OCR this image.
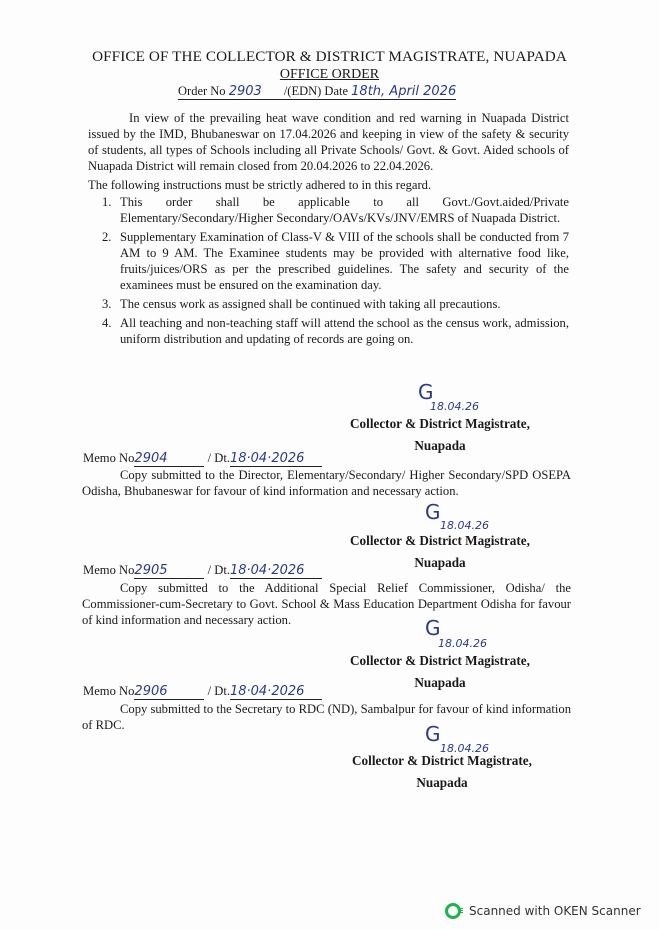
OFFICE OF THE COLLECTOR & DISTRICT MAGISTRATE, NUAPADA
OFFICE ORDER
Order No 2903 /(EDN) Date 18th, April 2026
In view of the prevailing heat wave condition and red warning in Nuapada District issued by the IMD, Bhubaneswar on 17.04.2026 and keeping in view of the safety & security of students, all types of Schools including all Private Schools/ Govt. & Govt. Aided schools of Nuapada District will remain closed from 20.04.2026 to 22.04.2026.
The following instructions must be strictly adhered to in this regard.
1. This order shall be applicable to all Govt./Govt.aided/Private Elementary/Secondary/Higher Secondary/OAVs/KVs/JNV/EMRS of Nuapada District.
2. Supplementary Examination of Class-V & VIII of the schools shall be conducted from 7 AM to 9 AM. The Examinee students may be provided with alternative food like, fruits/juices/ORS as per the prescribed guidelines. The safety and security of the examinees must be ensured on the examination day.
3. The census work as assigned shall be continued with taking all precautions.
4. All teaching and non-teaching staff will attend the school as the census work, admission, uniform distribution and updating of records are going on.
G
18.04.26
Collector & District Magistrate,
Nuapada
Memo No2904	/ Dt.18·04·2026
Copy submitted to the Director, Elementary/Secondary/ Higher Secondary/SPD OSEPA Odisha, Bhubaneswar for favour of kind information and necessary action.
G
18.04.26
Collector & District Magistrate,
Nuapada
Memo No2905	/ Dt.18·04·2026
Copy submitted to the Additional Special Relief Commissioner, Odisha/ the Commissioner-cum-Secretary to Govt. School & Mass Education Department Odisha for favour of kind information and necessary action.	G
18.04.26
Collector & District Magistrate,
Nuapada
Memo No2906	/ Dt.18·04·2026
Copy submitted to the Secretary to RDC (ND), Sambalpur for favour of kind information of RDC.	G
18.04.26
Collector & District Magistrate,
Nuapada
Scanned with OKEN Scanner
